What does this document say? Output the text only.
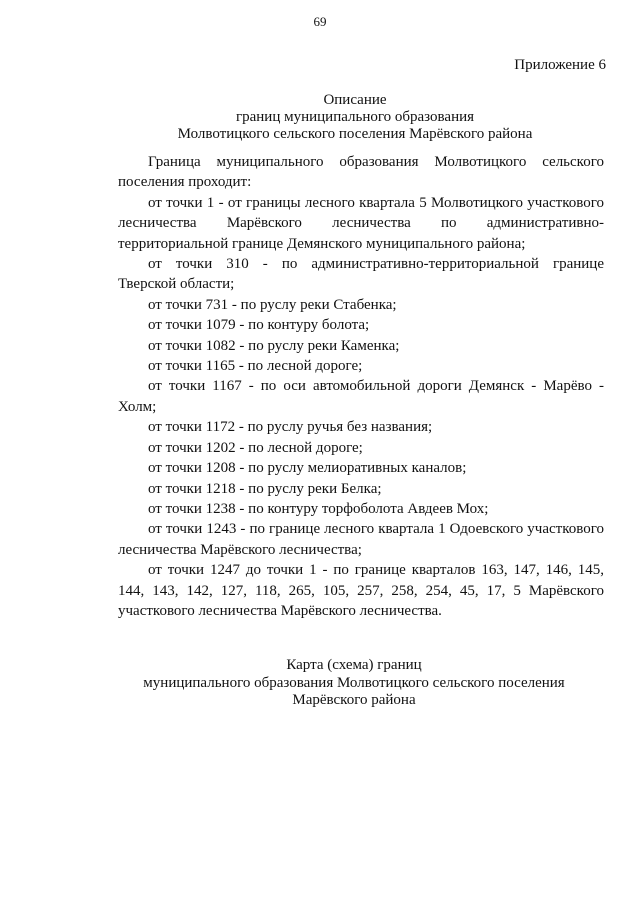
69
Приложение 6
Описание
границ муниципального образования
Молвотицкого сельского поселения Марёвского района

Граница муниципального образования Молвотицкого сельского поселения проходит:

от точки 1 - от границы лесного квартала 5 Молвотицкого участкового лесничества Марёвского лесничества по административно-территориальной границе Демянского муниципального района;

от точки 310 - по административно-территориальной границе Тверской области;

от точки 731 - по руслу реки Стабенка;

от точки 1079 - по контуру болота;

от точки 1082 - по руслу реки Каменка;

от точки 1165 - по лесной дороге;

от точки 1167 - по оси автомобильной дороги Демянск - Марёво - Холм;

от точки 1172 - по руслу ручья без названия;

от точки 1202 - по лесной дороге;

от точки 1208 - по руслу мелиоративных каналов;

от точки 1218 - по руслу реки Белка;

от точки 1238 - по контуру торфоболота Авдеев Мох;

от точки 1243 - по границе лесного квартала 1 Одоевского участкового лесничества Марёвского лесничества;

от точки 1247 до точки 1 - по границе кварталов 163, 147, 146, 145, 144, 143, 142, 127, 118, 265, 105, 257, 258, 254, 45, 17, 5 Марёвского участкового лесничества Марёвского лесничества.

Карта (схема) границ
муниципального образования Молвотицкого сельского поселения
Марёвского района
